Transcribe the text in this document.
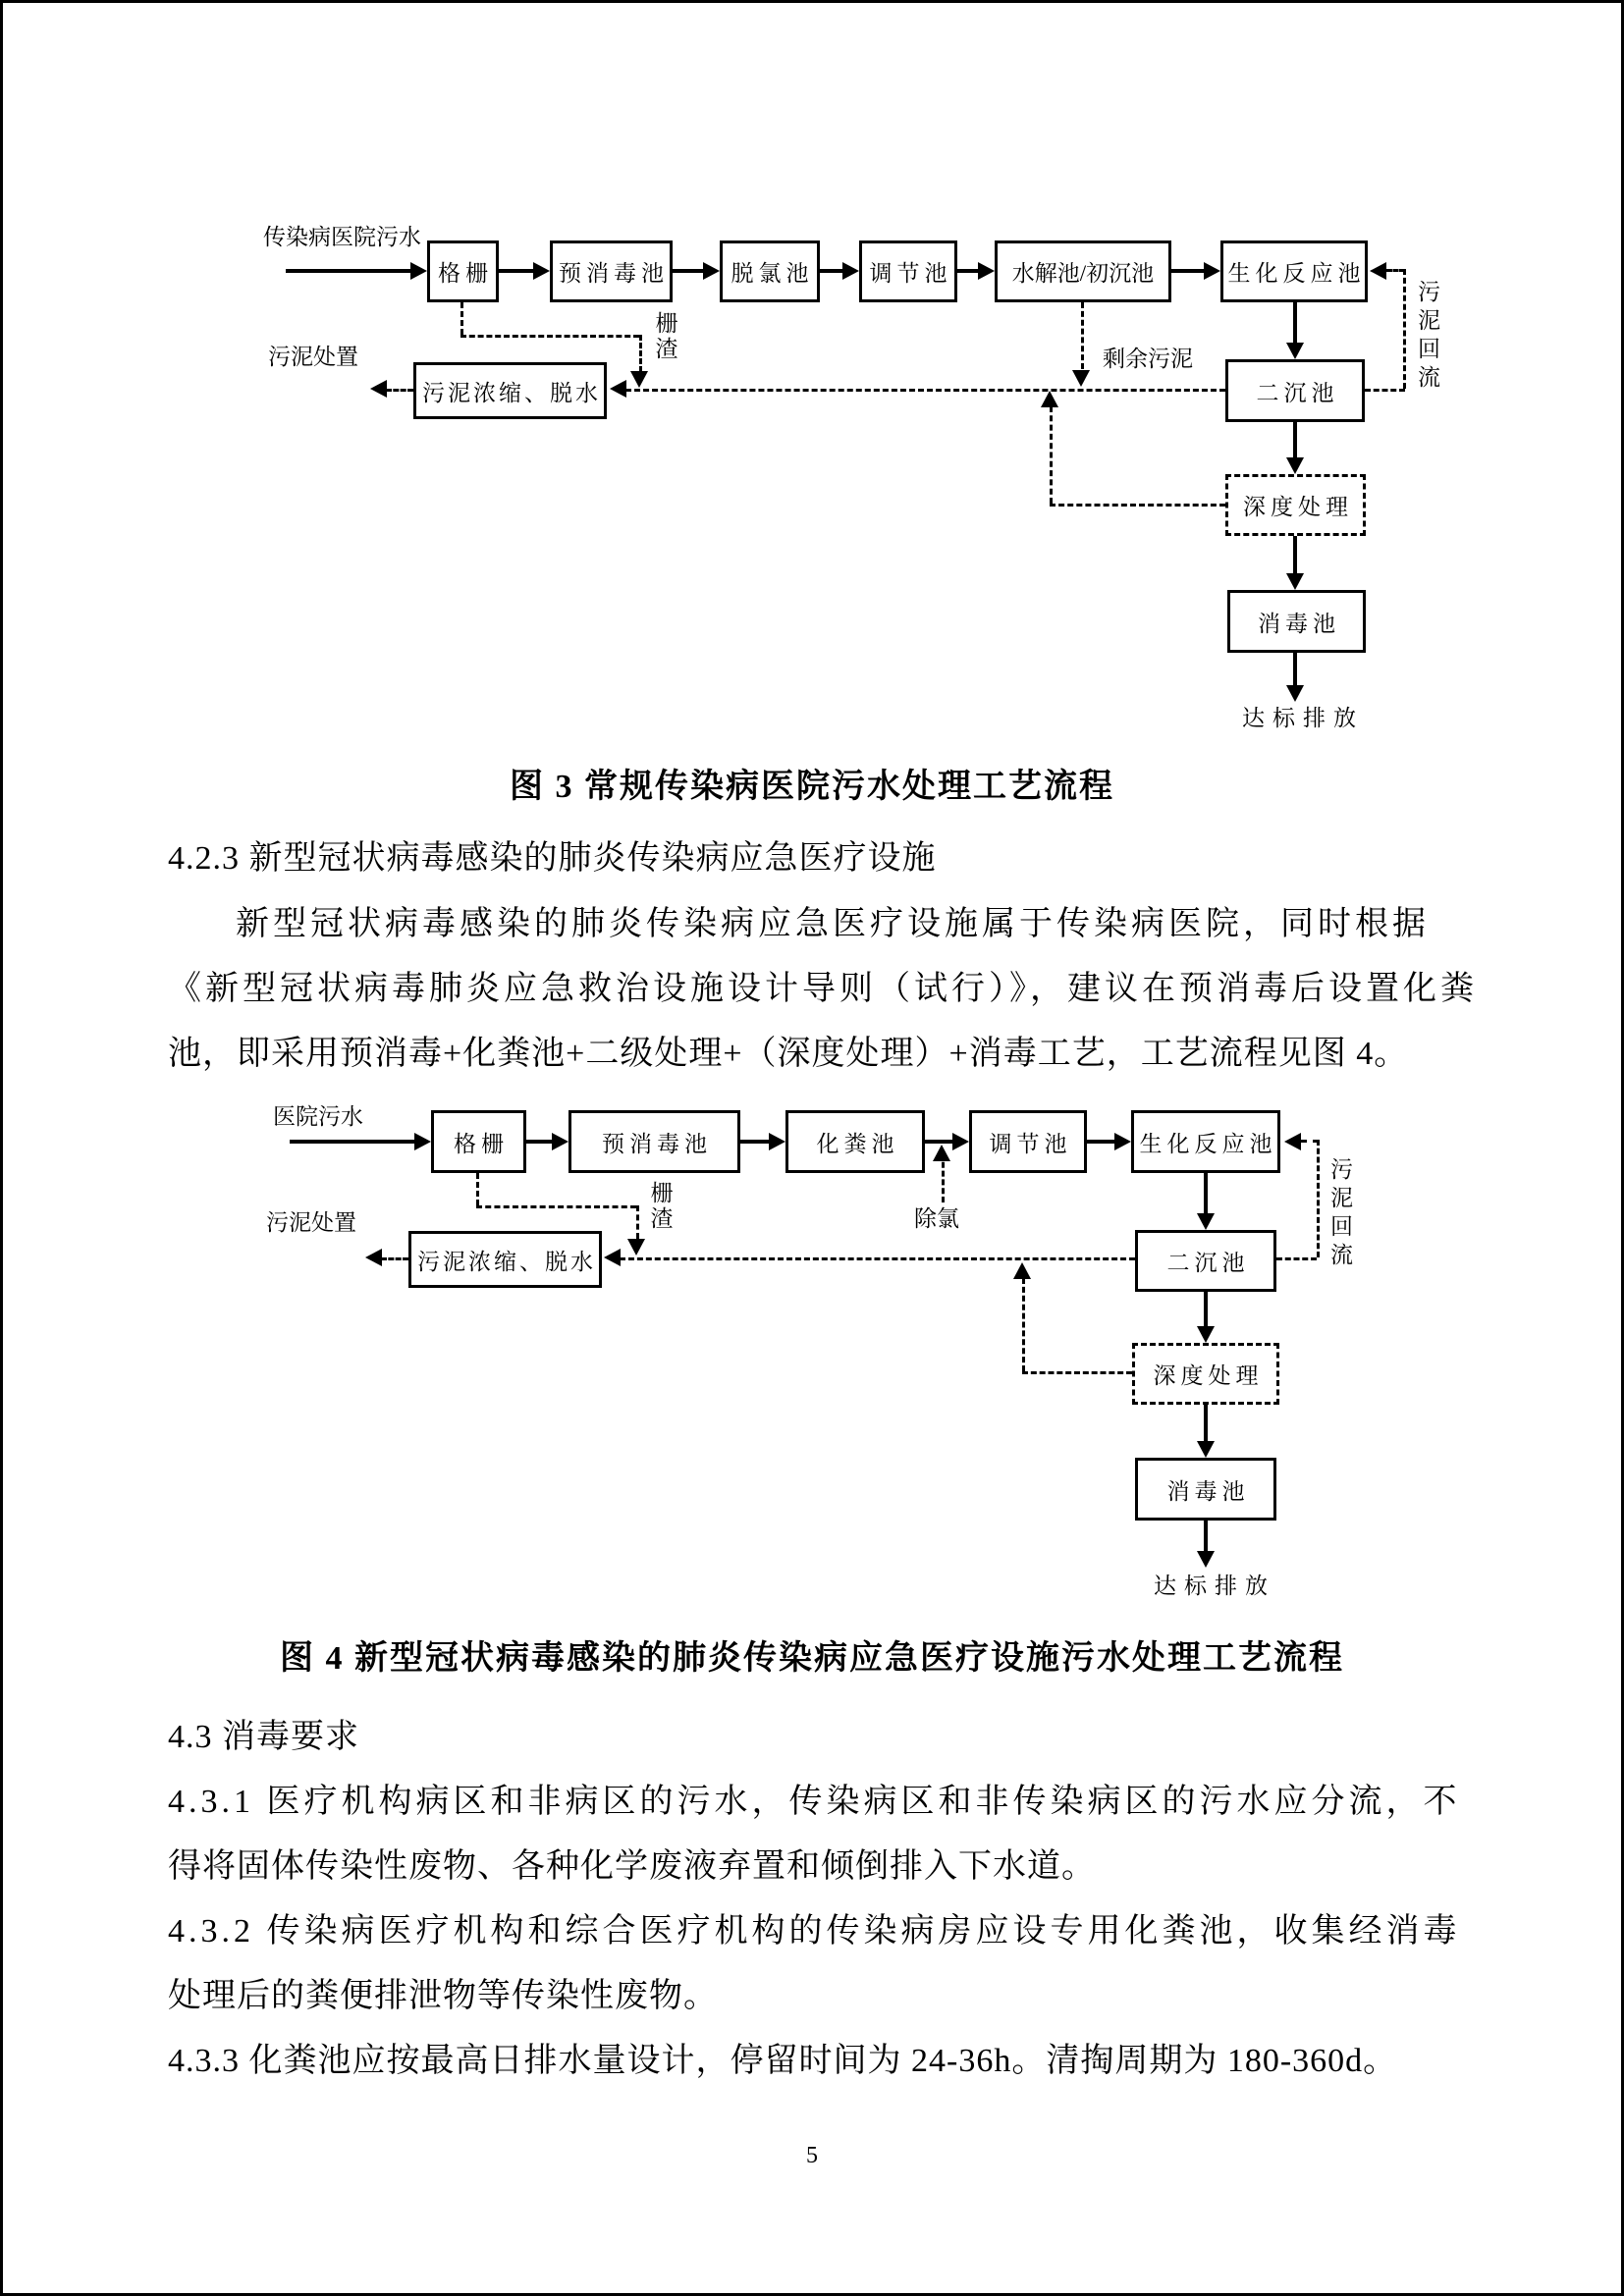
传染病医院污水
格栅	预消毒池	脱氯池	调节池	水解池/初沉池	生化反应池
二沉池
深度处理
消毒池
达标排放
污泥浓缩、脱水
污泥处置
栅渣	剩余污泥	污泥回流
图 3 常规传染病医院污水处理工艺流程
4.2.3 新型冠状病毒感染的肺炎传染病应急医疗设施
新型冠状病毒感染的肺炎传染病应急医疗设施属于传染病医院，同时根据
《新型冠状病毒肺炎应急救治设施设计导则（试行）》，建议在预消毒后设置化粪
池，即采用预消毒+化粪池+二级处理+（深度处理）+消毒工艺，工艺流程见图 4。
医院污水
格栅	预消毒池	化粪池	调节池	生化反应池
除氯
二沉池
深度处理
消毒池
达标排放
污泥浓缩、脱水
污泥处置
栅渣	污泥回流
图 4 新型冠状病毒感染的肺炎传染病应急医疗设施污水处理工艺流程
4.3 消毒要求
4.3.1 医疗机构病区和非病区的污水，传染病区和非传染病区的污水应分流，不
得将固体传染性废物、各种化学废液弃置和倾倒排入下水道。
4.3.2 传染病医疗机构和综合医疗机构的传染病房应设专用化粪池，收集经消毒
处理后的粪便排泄物等传染性废物。
4.3.3 化粪池应按最高日排水量设计，停留时间为 24-36h。清掏周期为 180-360d。
5
